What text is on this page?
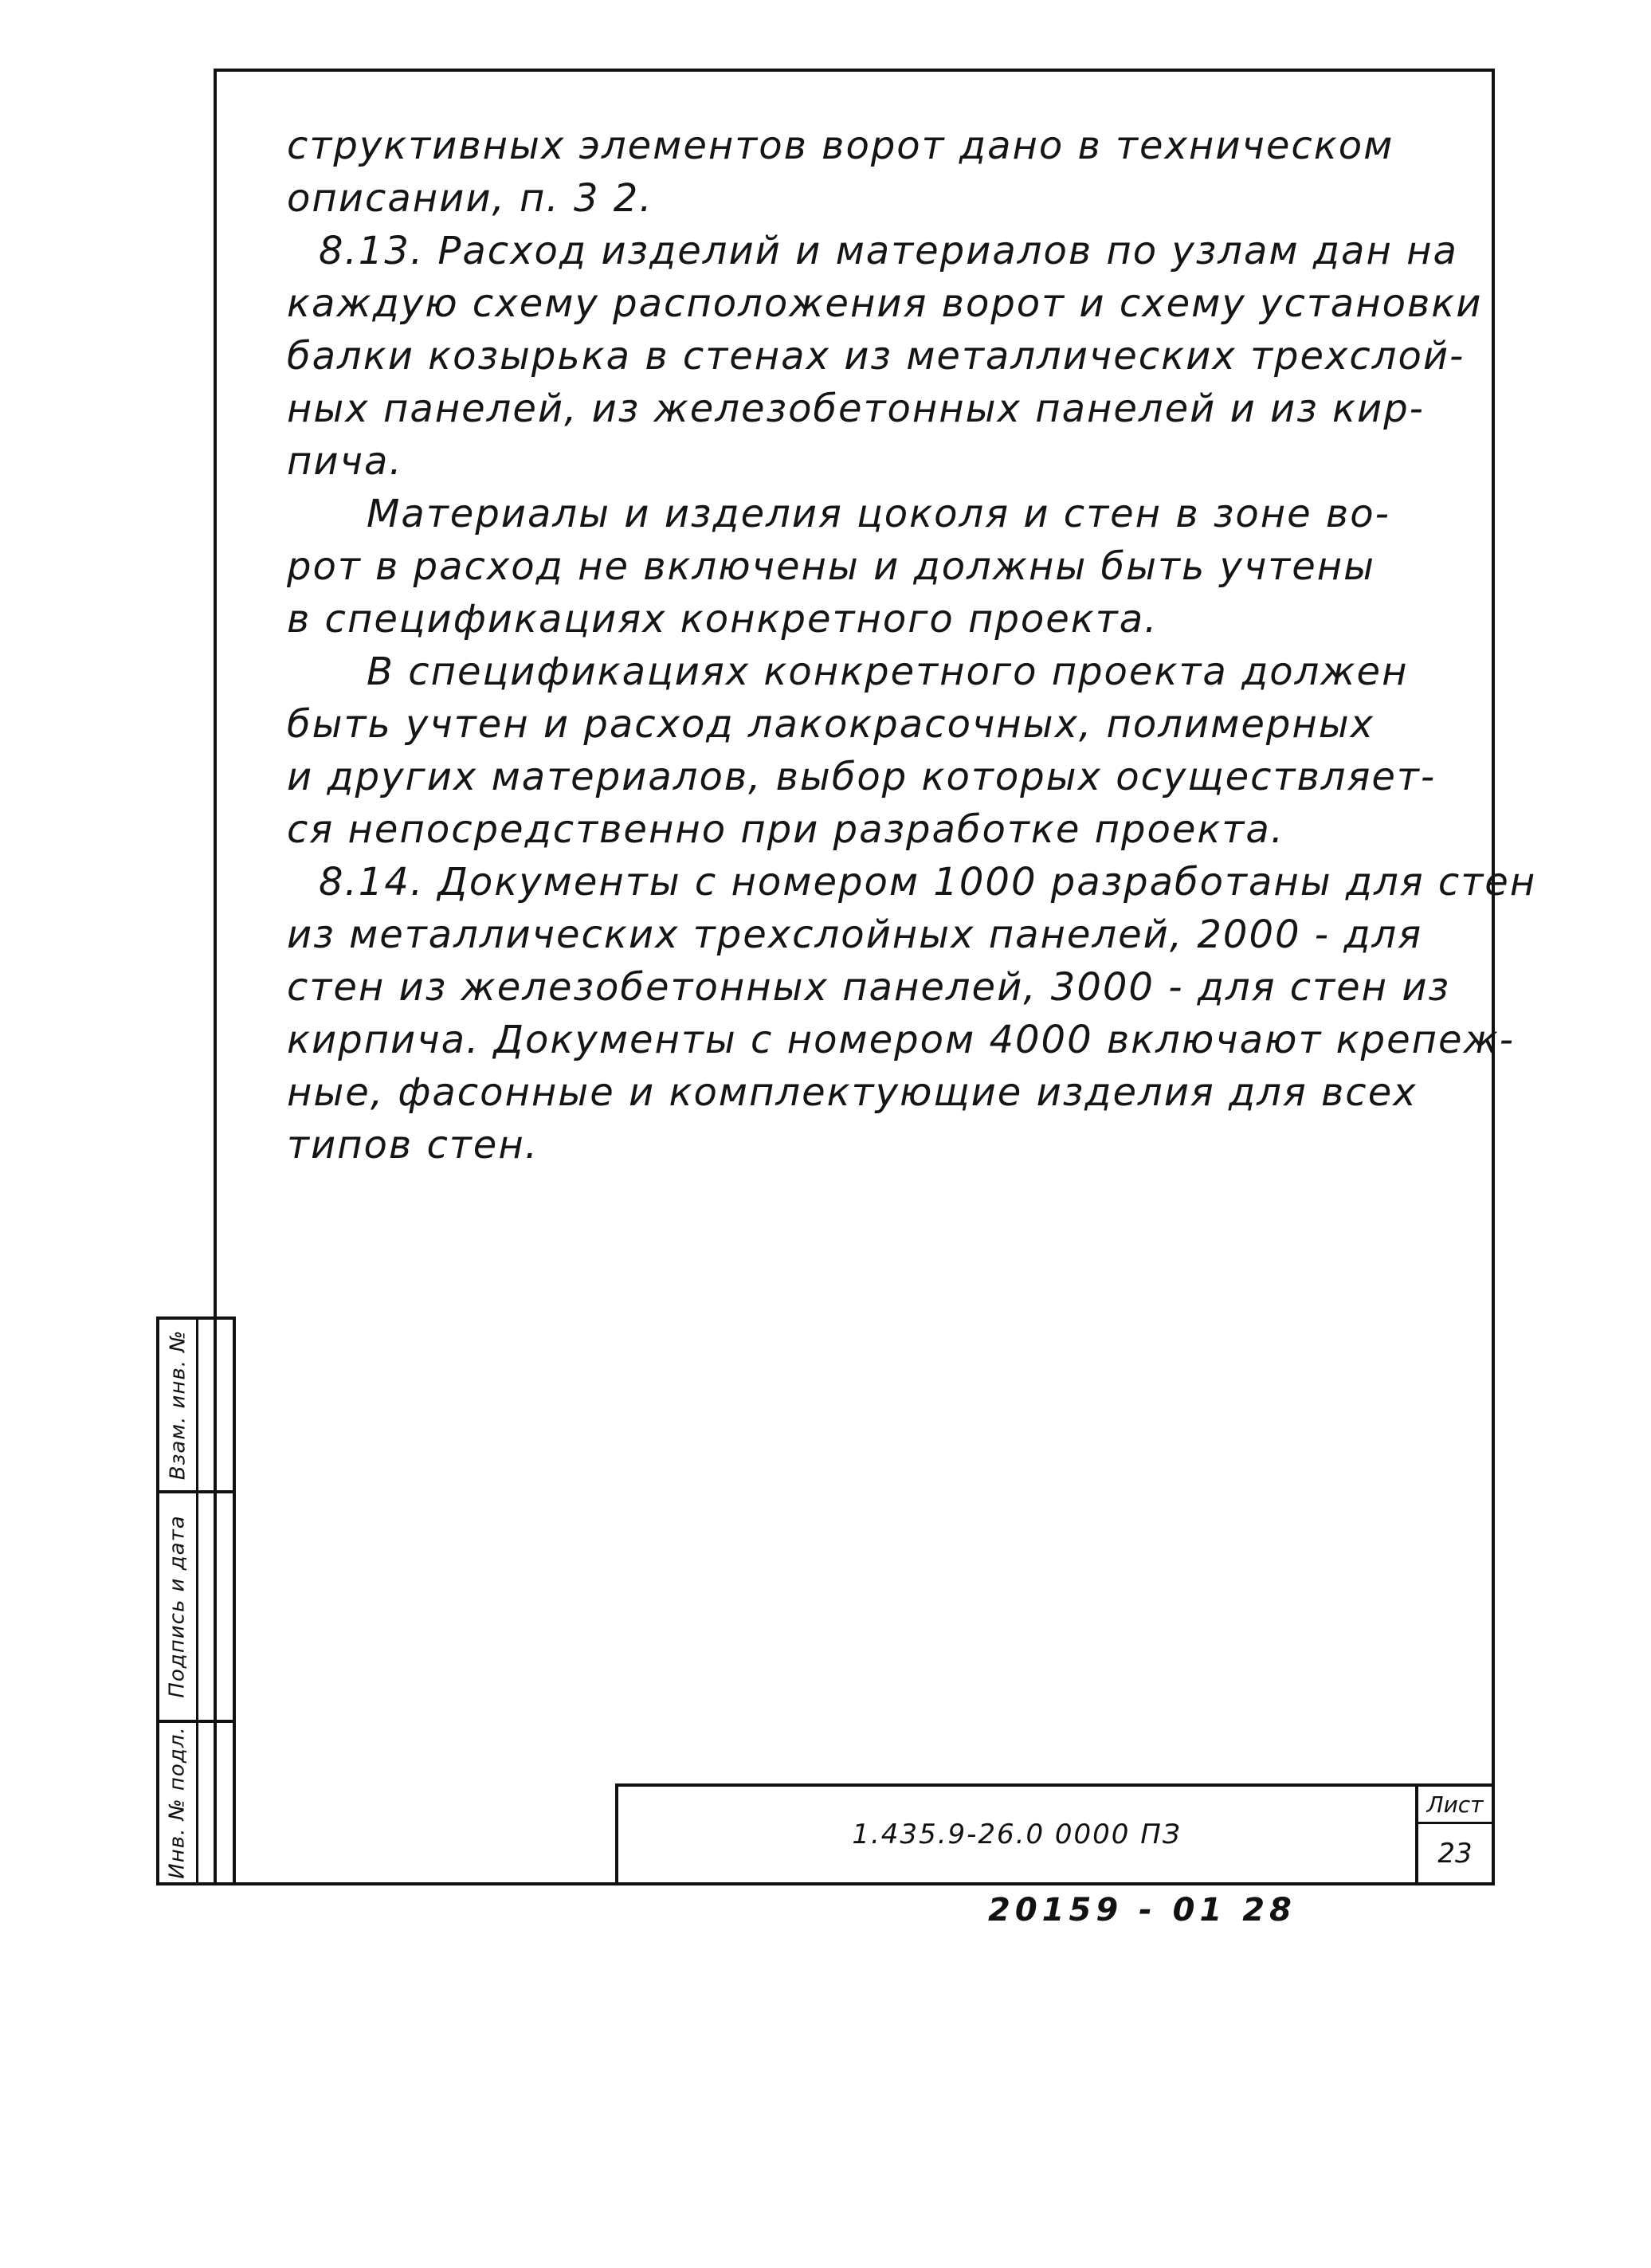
структивных элементов ворот дано в техническом
описании, п. 3 2.
8.13. Расход изделий и материалов по узлам дан на
каждую схему расположения ворот и схему установки
балки козырька в стенах из металлических трехслой-
ных панелей, из железобетонных панелей и из кир-
пича.
Материалы и изделия цоколя и стен в зоне во-
рот в расход не включены и должны быть учтены
в спецификациях конкретного проекта.
В спецификациях конкретного проекта должен
быть учтен и расход лакокрасочных, полимерных
и других материалов, выбор которых осуществляет-
ся непосредственно при разработке проекта.
8.14. Документы с номером 1000 разработаны для стен
из металлических трехслойных панелей, 2000 - для
стен из железобетонных панелей, 3000 - для стен из
кирпича. Документы с номером 4000 включают крепеж-
ные, фасонные и комплектующие изделия для всех
типов стен.
Взам. инв. №
Подпись и дата
Инв. № подл.	1.435.9-26.0 0000 ПЗ
Лист
23
20159 - 01 28
